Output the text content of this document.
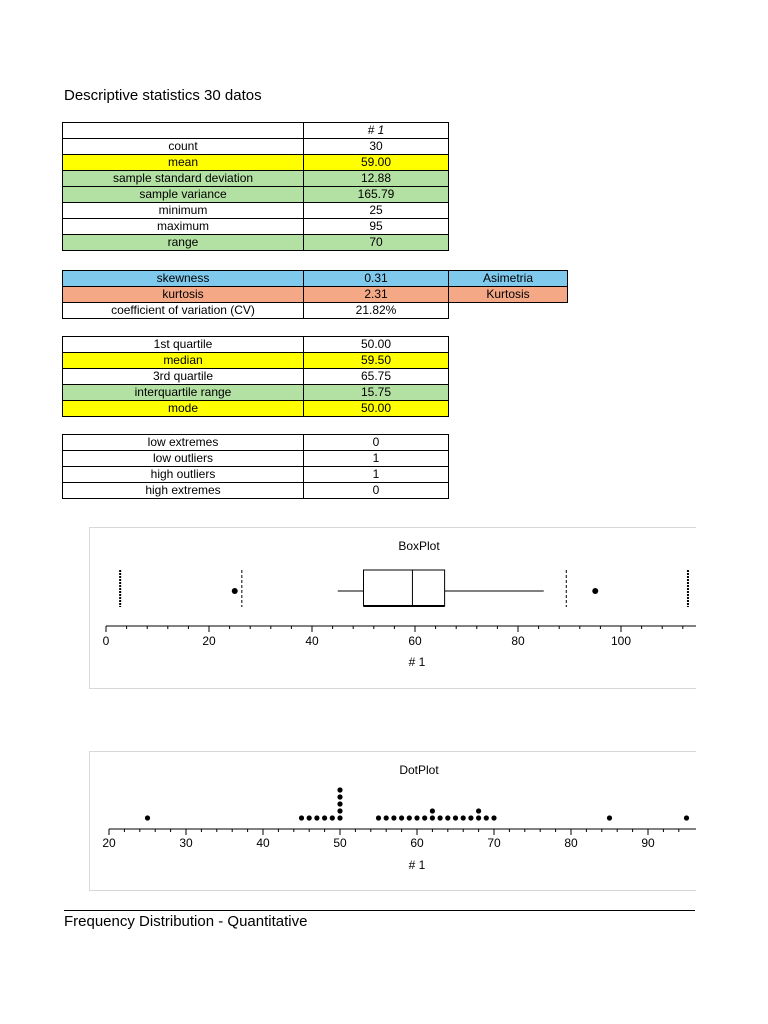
Descriptive statistics 30 datos
	# 1
count	30
mean	59.00
sample standard deviation	12.88
sample variance	165.79
minimum	25
maximum	95
range	70
skewness	0.31	Asimetria
kurtosis	2.31	Kurtosis
coefficient of variation (CV)	21.82%	
1st quartile	50.00
median	59.50
3rd quartile	65.75
interquartile range	15.75
mode	50.00
low extremes	0
low outliers	1
high outliers	1
high extremes	0
BoxPlot
0	20	40	60	80	100
# 1
DotPlot
20	30	40	50	60	70	80	90
# 1
Frequency Distribution - Quantitative
